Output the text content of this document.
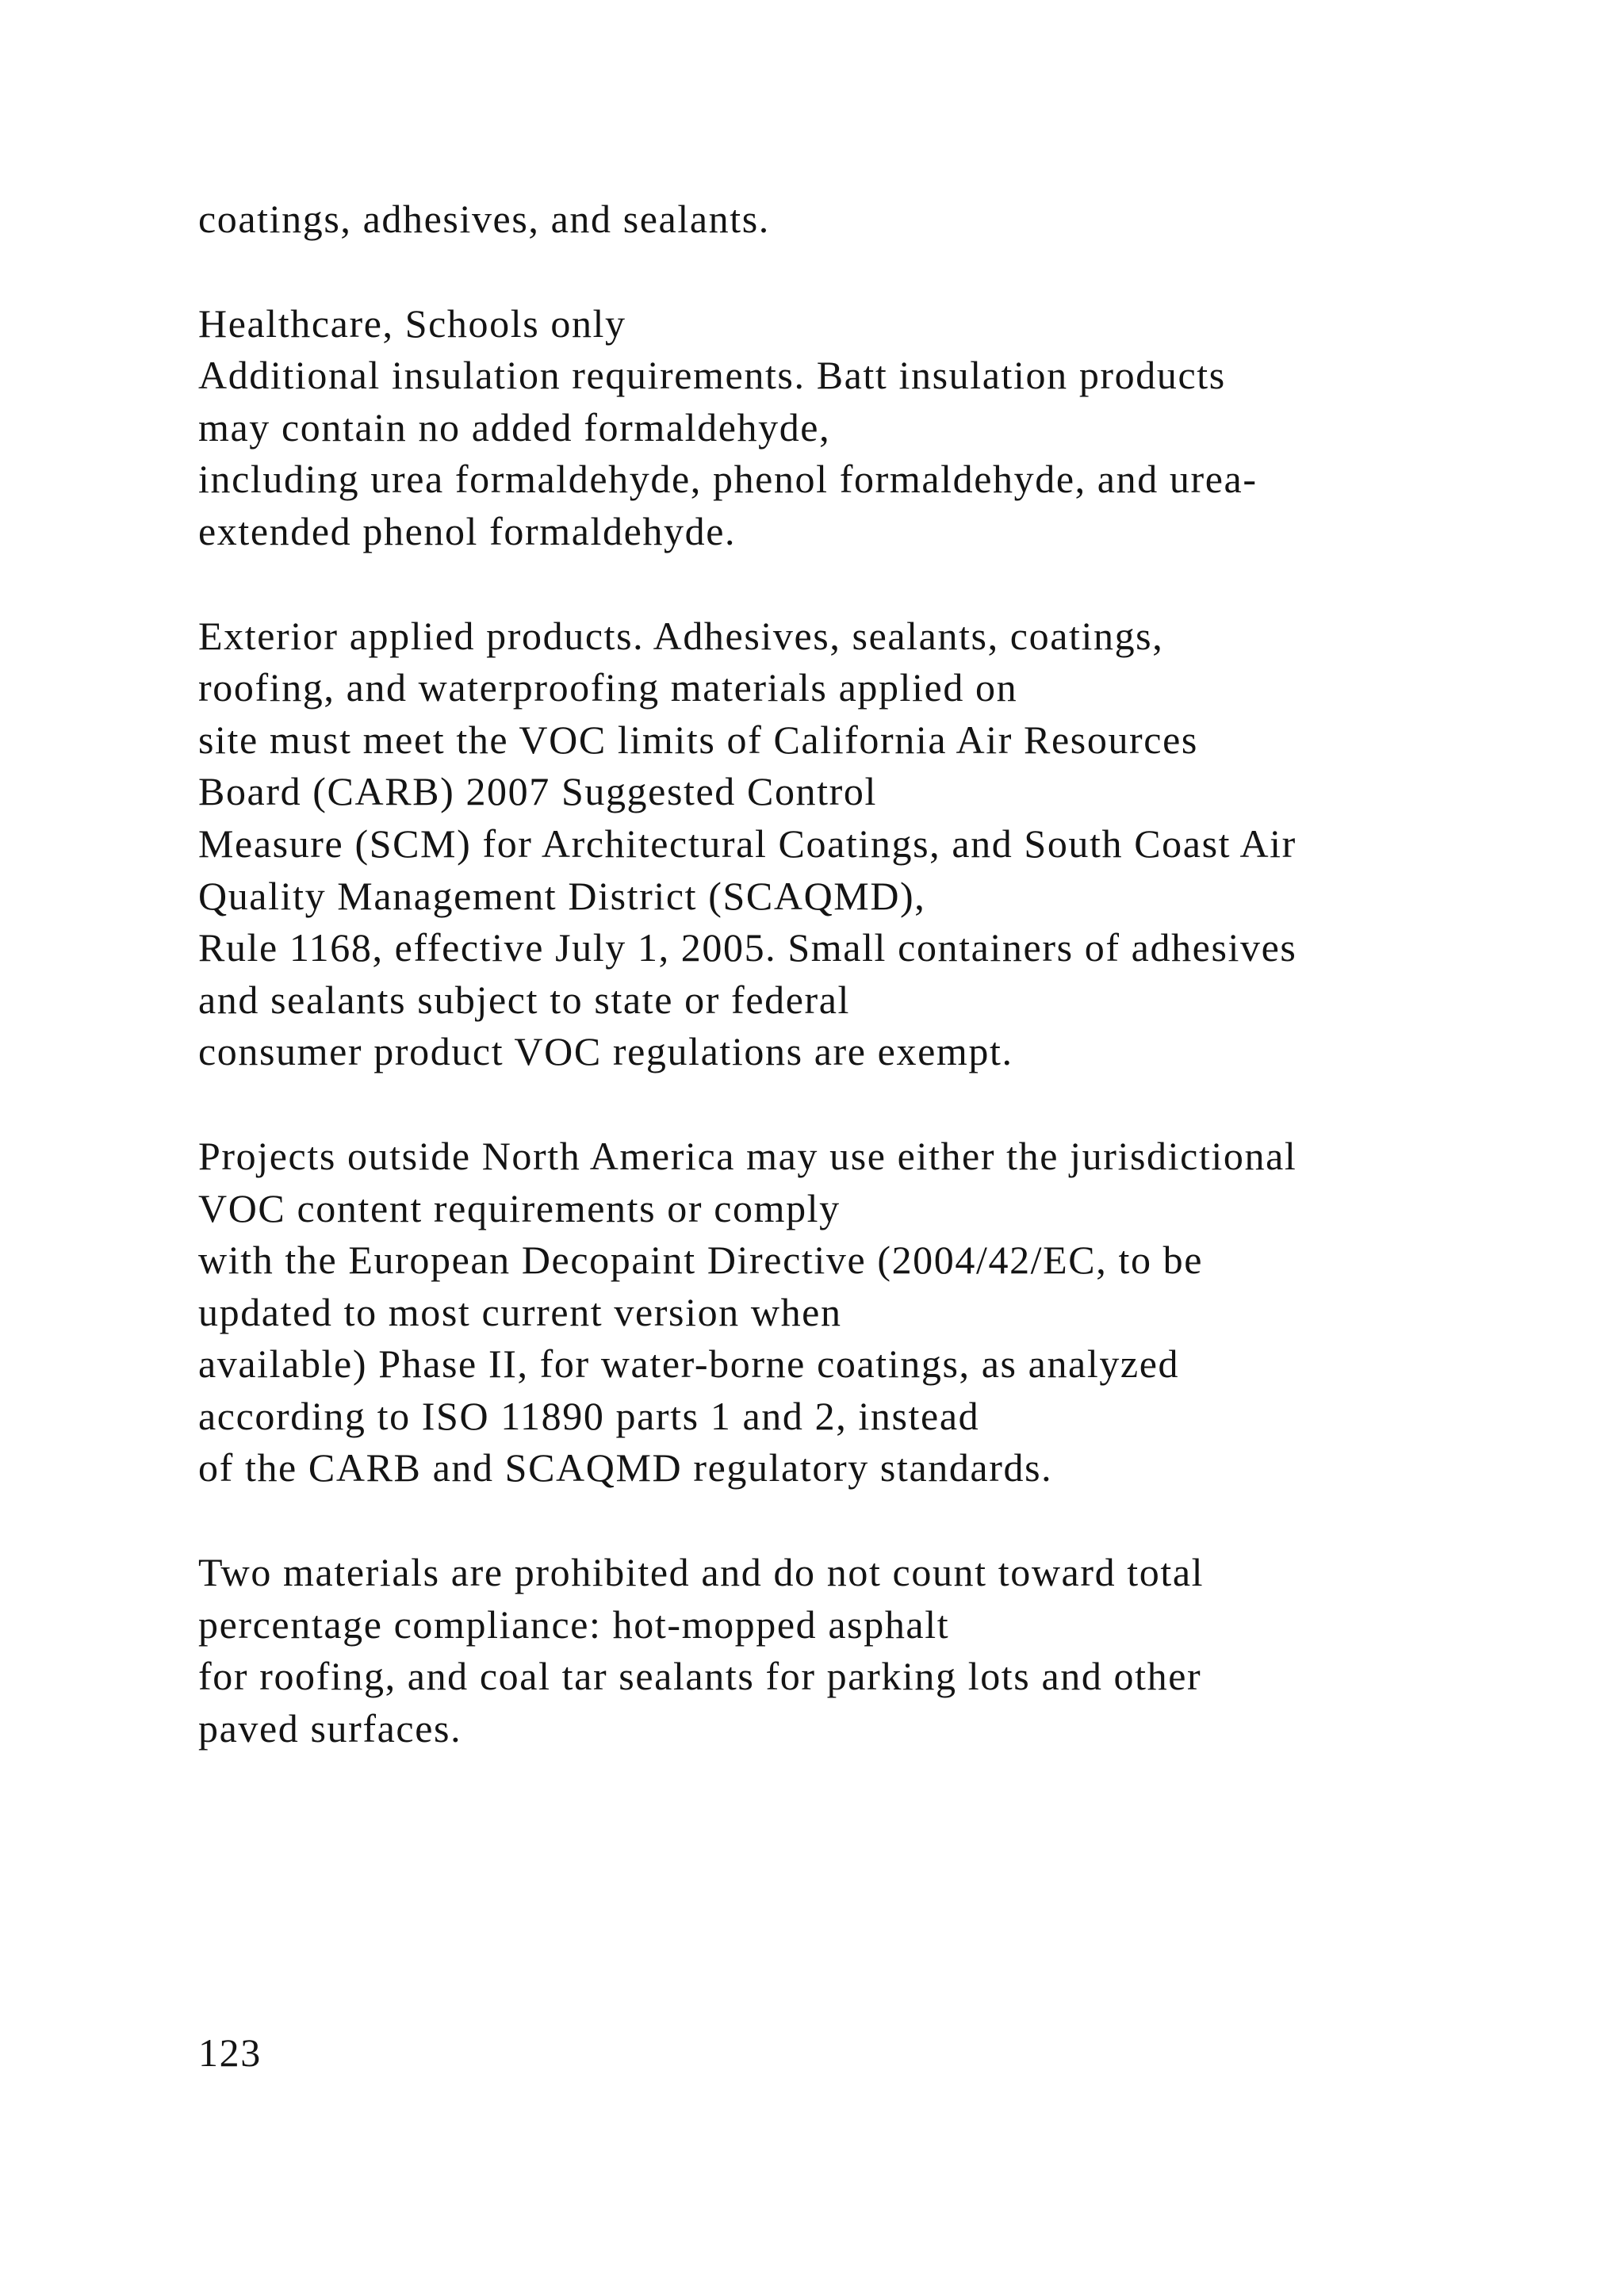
coatings, adhesives, and sealants.

Healthcare, Schools only
Additional insulation requirements. Batt insulation products
may contain no added formaldehyde,
including urea formaldehyde, phenol formaldehyde, and urea-
extended phenol formaldehyde.

Exterior applied products. Adhesives, sealants, coatings,
roofing, and waterproofing materials applied on
site must meet the VOC limits of California Air Resources
Board (CARB) 2007 Suggested Control
Measure (SCM) for Architectural Coatings, and South Coast Air
Quality Management District (SCAQMD),
Rule 1168, effective July 1, 2005. Small containers of adhesives
and sealants subject to state or federal
consumer product VOC regulations are exempt.

Projects outside North America may use either the jurisdictional
VOC content requirements or comply
with the European Decopaint Directive (2004/42/EC, to be
updated to most current version when
available) Phase II, for water-borne coatings, as analyzed
according to ISO 11890 parts 1 and 2, instead
of the CARB and SCAQMD regulatory standards.

Two materials are prohibited and do not count toward total
percentage compliance: hot-mopped asphalt
for roofing, and coal tar sealants for parking lots and other
paved surfaces.

123
